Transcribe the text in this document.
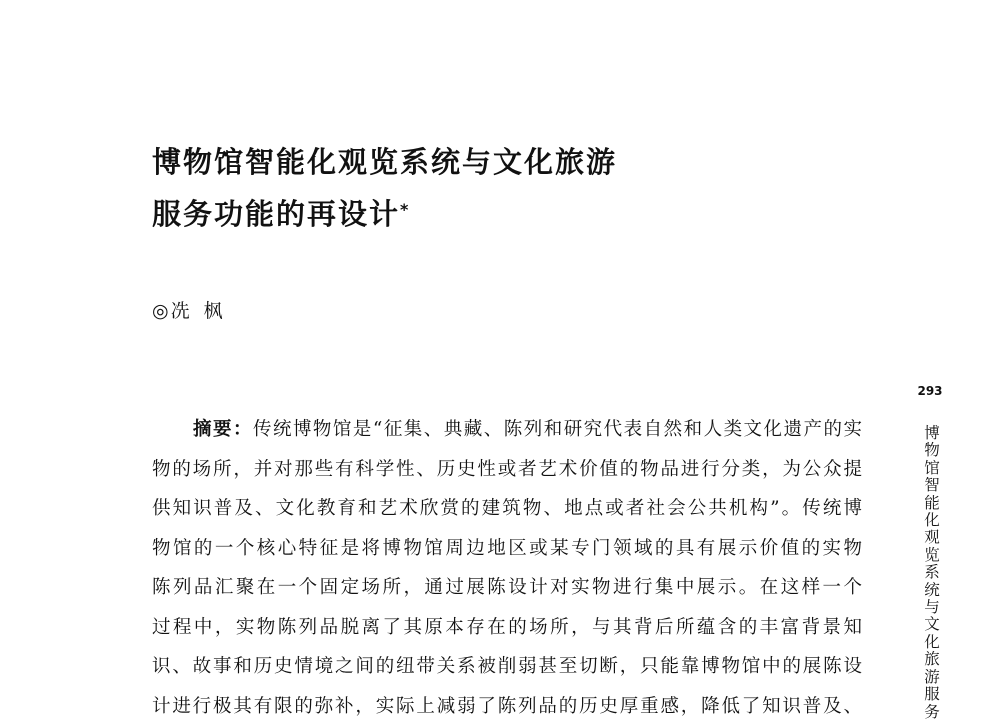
博物馆智能化观览系统与文化旅游
服务功能的再设计*
◎ 冼枫
摘要：传统博物馆是“征集、典藏、陈列和研究代表自然和人类文化遗产的实
物的场所，并对那些有科学性、历史性或者艺术价值的物品进行分类，为公众提
供知识普及、文化教育和艺术欣赏的建筑物、地点或者社会公共机构”。传统博
物馆的一个核心特征是将博物馆周边地区或某专门领域的具有展示价值的实物
陈列品汇聚在一个固定场所，通过展陈设计对实物进行集中展示。在这样一个
过程中，实物陈列品脱离了其原本存在的场所，与其背后所蕴含的丰富背景知
识、故事和历史情境之间的纽带关系被削弱甚至切断，只能靠博物馆中的展陈设
计进行极其有限的弥补，实际上减弱了陈列品的历史厚重感，降低了知识普及、
293
博物馆智能化观览系统与文化旅游服务
